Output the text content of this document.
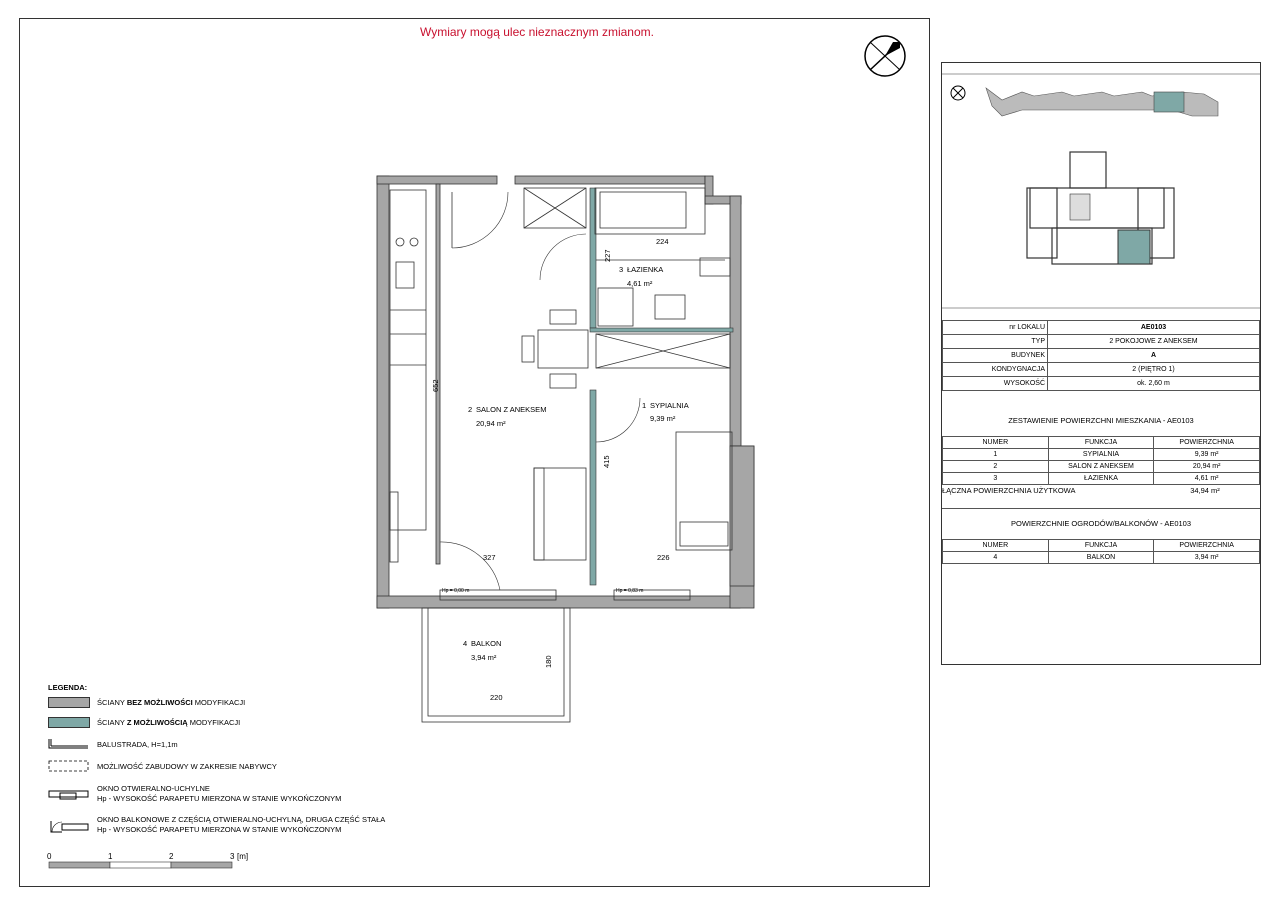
Wymiary mogą ulec nieznacznym zmianom.
224
227
652
415
327	226
180
220
Hp = 0,00 m	Hp = 0,83 m
2 SALON Z ANEKSEM
20,94 m²
3 ŁAZIENKA
4,61 m²
1 SYPIALNIA
9,39 m²
4 BALKON
3,94 m²
LEGENDA:
ŚCIANY BEZ MOŻLIWOŚCI MODYFIKACJI
ŚCIANY Z MOŻLIWOŚCIĄ MODYFIKACJI
BALUSTRADA, H=1,1m
MOŻLIWOŚĆ ZABUDOWY W ZAKRESIE NABYWCY
OKNO OTWIERALNO-UCHYLNE
Hp - WYSOKOŚĆ PARAPETU MIERZONA W STANIE WYKOŃCZONYM
OKNO BALKONOWE Z CZĘŚCIĄ OTWIERALNO-UCHYLNĄ, DRUGA CZĘŚĆ STAŁA
Hp - WYSOKOŚĆ PARAPETU MIERZONA W STANIE WYKOŃCZONYM
0	1	2	3 [m]
nr LOKALU	AE0103
TYP	2 POKOJOWE Z ANEKSEM
BUDYNEK	A
KONDYGNACJA	2 (PIĘTRO 1)
WYSOKOŚĆ	ok. 2,60 m
ZESTAWIENIE POWIERZCHNI MIESZKANIA - AE0103
NUMER	FUNKCJA	POWIERZCHNIA
1	SYPIALNIA	9,39 m²
2	SALON Z ANEKSEM	20,94 m²
3	ŁAZIENKA	4,61 m²
ŁĄCZNA POWIERZCHNIA UŻYTKOWA	34,94 m²
POWIERZCHNIE OGRODÓW/BALKONÓW - AE0103
NUMER	FUNKCJA	POWIERZCHNIA
4	BALKON	3,94 m²
